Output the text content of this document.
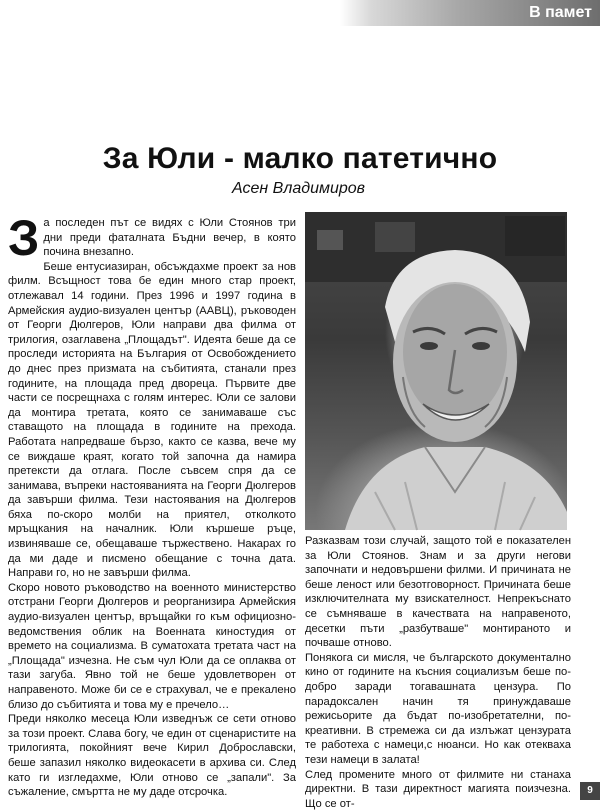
В памет
За Юли - малко патетично
Асен Владимиров

За последен път се видях с Юли Стоянов три дни преди фаталната Бъдни вечер, в която почина внезапно.

Беше ентусиазиран, обсъждахме проект за нов филм. Всъщност това бе един много стар проект, отлежавал 14 години. През 1996 и 1997 година в Армейския аудио-визуален център (ААВЦ), ръководен от Георги Дюлгеров, Юли направи два филма от трилогия, озаглавена „Площадът". Идеята беше да се проследи историята на България от Освобождението до днес през призмата на събитията, станали през годините, на площада пред двореца. Първите две части се посрещнаха с голям интерес. Юли се залови да монтира третата, която се занимаваше със ставащото на площада в годините на прехода. Работата напредваше бързо, както се казва, вече му се виждаше краят, когато той започна да намира претексти да отлага. После съвсем спря да се занимава, въпреки настояванията на Георги Дюлгеров да завърши филма. Тези настоявания на Дюлгеров бяха по-скоро молби на приятел, отколкото мръщкания на началник. Юли кършеше ръце, извиняваше се, обещаваше тържествено. Накарах го да ми даде и писмено обещание с точна дата. Направи го, но не завърши филма.

Скоро новото ръководство на военното министерство отстрани Георги Дюлгеров и реорганизира Армейския аудио-визуален център, връщайки го към официозно-ведомствения облик на Военната киностудия от времето на социализма. В суматохата третата част на „Площада" изчезна. Не съм чул Юли да се оплаква от тази загуба. Явно той не беше удовлетворен от направеното. Може би се е страхувал, че е прекалено близо до събитията и това му е пречело…

Преди няколко месеца Юли изведнъж се сети отново за този проект. Слава богу, че един от сценаристите на трилогията, покойният вече Кирил Доброславски, беше запазил няколко видеокасети в архива си. След като ги изгледахме, Юли отново се „запали". За съжаление, смъртта не му даде отсрочка.

Разказвам този случай, защото той е показателен за Юли Стоянов. Знам и за други негови започнати и недовършени филми. И причината не беше леност или безотговорност. Причината беше изключителната му взискателност. Непрекъснато се съмняваше в качествата на направеното, десетки пъти „разбутваше" монтираното и почваше отново.

Понякога си мисля, че българското документално кино от годините на късния социализъм беше по-добро заради тогавашната цензура. По парадоксален начин тя принуждаваше режисьорите да бъдат по-изобретателни, по-креативни. В стремежа си да излъжат цензурата те работеха с намеци,с нюанси. Но как отекваха тези намеци в залата!

След промените много от филмите ни станаха директни. В тази директност магията поизчезна. Що се от-

9
